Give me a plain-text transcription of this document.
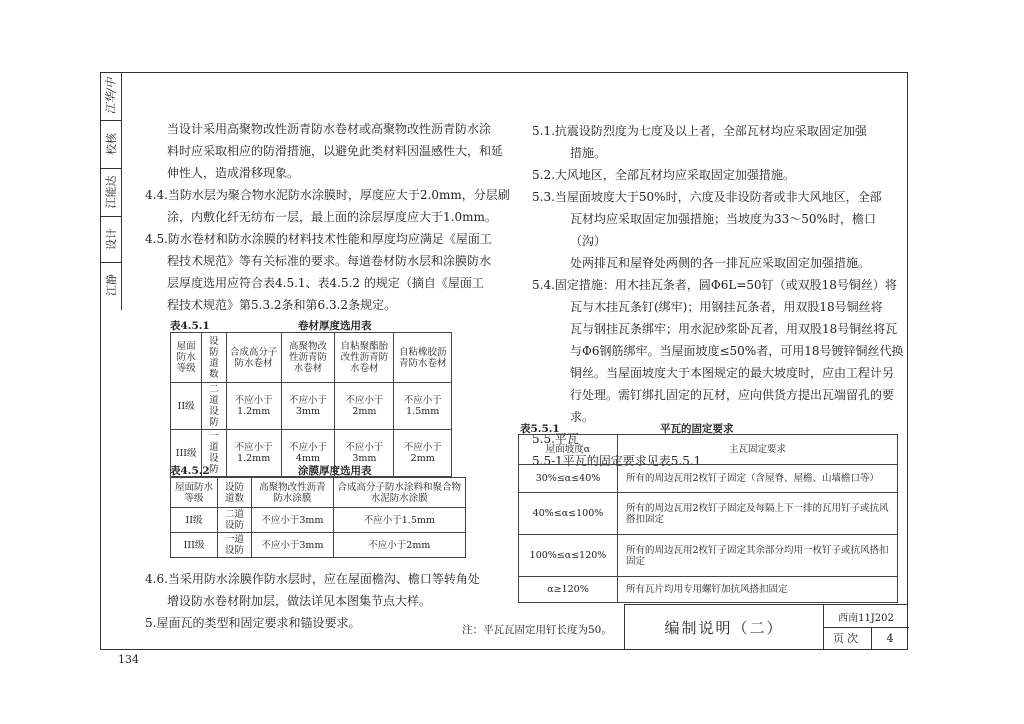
江华/中
校核
江能达
设计
江静

当设计采用高聚物改性沥青防水卷材或高聚物改性沥青防水涂

料时应采取相应的防滑措施，以避免此类材料因温感性大，和延

伸性人，造成滑移现象。

4.4.当防水层为聚合物水泥防水涂膜时，厚度应大于2.0mm，分层刷

涂，内敷化纤无纺布一层，最上面的涂层厚度应大于1.0mm。

4.5.防水卷材和防水涂膜的材料技术性能和厚度均应满足《屋面工

程技术规范》等有关标准的要求。每道卷材防水层和涂膜防水

层厚度选用应符合表4.5.1、表4.5.2 的规定（摘自《屋面工

程技术规范》第5.3.2条和第6.3.2条规定。

表4.5.1	卷材厚度选用表
屋面防水等级	设防道数	合成高分子防水卷材	高聚物改性沥青防水卷材	自粘聚酯胎改性沥青防水卷材	自粘橡胶沥青防水卷材
II级	二道设防	不应小于1.2mm	不应小于3mm	不应小于2mm	不应小于1.5mm
III级	一道设防	不应小于1.2mm	不应小于4mm	不应小于3mm	不应小于2mm
表4.5.2	涂膜厚度选用表
屋面防水等级	设防道数	高聚物改性沥青防水涂膜	合成高分子防水涂料和聚合物水泥防水涂膜
II级	二道设防	不应小于3mm	不应小于1.5mm
III级	一道设防	不应小于3mm	不应小于2mm

4.6.当采用防水涂膜作防水层时，应在屋面檐沟、檐口等转角处

增设防水卷材附加层，做法详见本图集节点大样。

5.屋面瓦的类型和固定要求和锚设要求。

5.1.抗震设防烈度为七度及以上者，全部瓦材均应采取固定加强

措施。

5.2.大风地区，全部瓦材均应采取固定加强措施。

5.3.当屋面坡度大于50%时，六度及非设防者或非大风地区，全部

瓦材均应采取固定加强措施；当坡度为33～50%时，檐口（沟）

处两排瓦和屋脊处两侧的各一排瓦应采取固定加强措施。

5.4.固定措施：用木挂瓦条者，圆Φ6L=50钉（或双股18号铜丝）将

瓦与木挂瓦条钉(绑牢)；用钢挂瓦条者，用双股18号铜丝将

瓦与钢挂瓦条绑牢；用水泥砂浆卧瓦者，用双股18号铜丝将瓦

与Φ6钢筋绑牢。当屋面坡度≤50%者，可用18号镀锌铜丝代换

铜丝。当屋面坡度大于本图规定的最大坡度时，应由工程计另

行处理。需钉绑扎固定的瓦材，应向供货方提出瓦端留孔的要求。

5.5.平瓦

5.5-1平瓦的固定要求见表5.5.1

表5.5.1	平瓦的固定要求
屋面坡度α	主瓦固定要求
30%≤α≤40%	所有的周边瓦用2枚钉子固定（含屋脊、屋檐、山墙檐口等）
40%≤α≤100%	所有的周边瓦用2枚钉子固定及每隔上下一排的瓦用钉子或抗风搭扣固定
100%≤α≤120%	所有的周边瓦用2枚钉子固定其余部分均用一枚钉子或抗风搭扣固定
α≥120%	所有瓦片均用专用螺钉加抗风搭扣固定
注：平瓦瓦固定用钉长度为50。	编制说明（二）
西南11J202
页次	4
134
